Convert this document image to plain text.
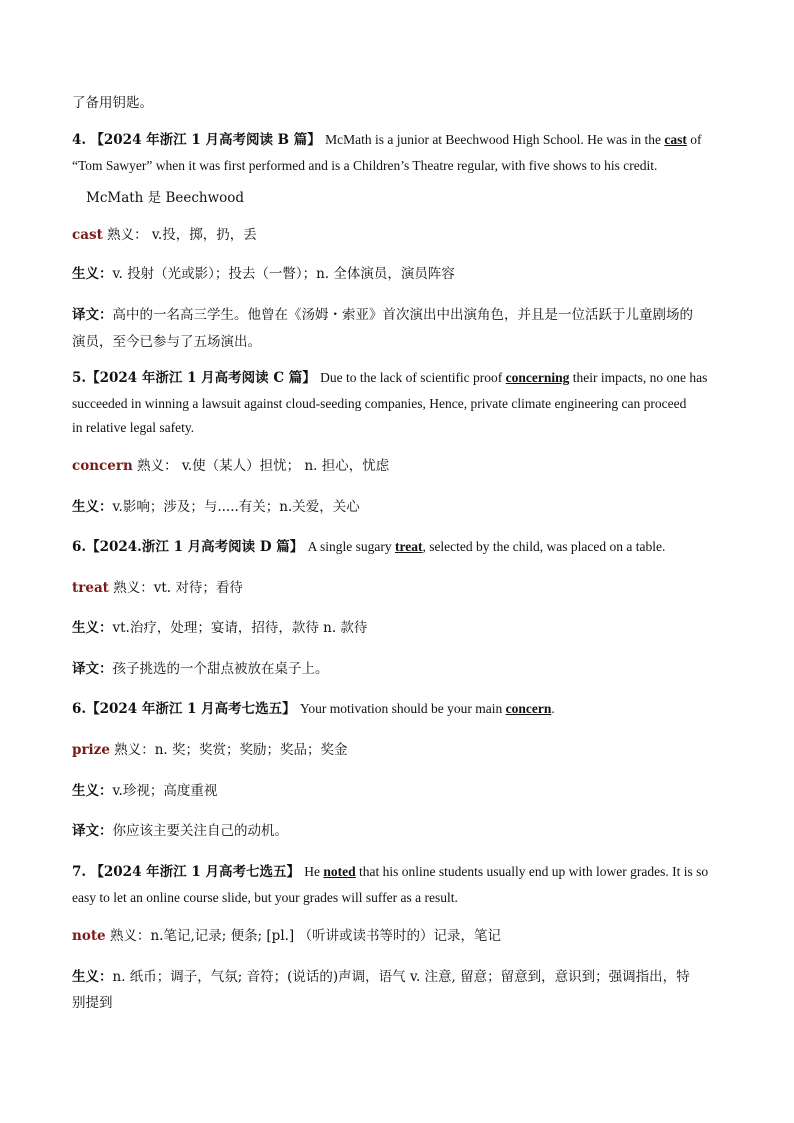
了备用钥匙。
4. 【2024 年浙江 1 月高考阅读 B 篇】 McMath is a junior at Beechwood High School. He was in the cast of
“Tom Sawyer” when it was first performed and is a Children’s Theatre regular, with five shows to his credit.
McMath 是 Beechwood
cast 熟义： v.投，掷，扔，丢
生义：v. 投射（光或影）；投去（一瞥）；n. 全体演员，演员阵容
译文：高中的一名高三学生。他曾在《汤姆・索亚》首次演出中出演角色，并且是一位活跃于儿童剧场的
演员，至今已参与了五场演出。
5.【2024 年浙江 1 月高考阅读 C 篇】 Due to the lack of scientific proof concerning their impacts, no one has
succeeded in winning a lawsuit against cloud-seeding companies, Hence, private climate engineering can proceed
in relative legal safety.
concern 熟义： v.使（某人）担忧； n. 担心，忧虑
生义：v.影响；涉及；与.....有关；n.关爱，关心
6.【2024.浙江 1 月高考阅读 D 篇】 A single sugary treat, selected by the child, was placed on a table.
treat 熟义：vt. 对待；看待
生义：vt.治疗，处理；宴请，招待，款待 n. 款待
译文：孩子挑选的一个甜点被放在桌子上。
6.【2024 年浙江 1 月高考七选五】 Your motivation should be your main concern.
prize 熟义：n. 奖；奖赏；奖励；奖品；奖金
生义：v.珍视；高度重视
译文：你应该主要关注自己的动机。
7. 【2024 年浙江 1 月高考七选五】 He noted that his online students usually end up with lower grades. It is so
easy to let an online course slide, but your grades will suffer as a result.
note 熟义：n.笔记,记录; 便条; [pl.] （听讲或读书等时的）记录，笔记
生义：n. 纸币；调子，气氛; 音符；(说话的)声调，语气 v. 注意, 留意；留意到，意识到；强调指出，特
别提到
